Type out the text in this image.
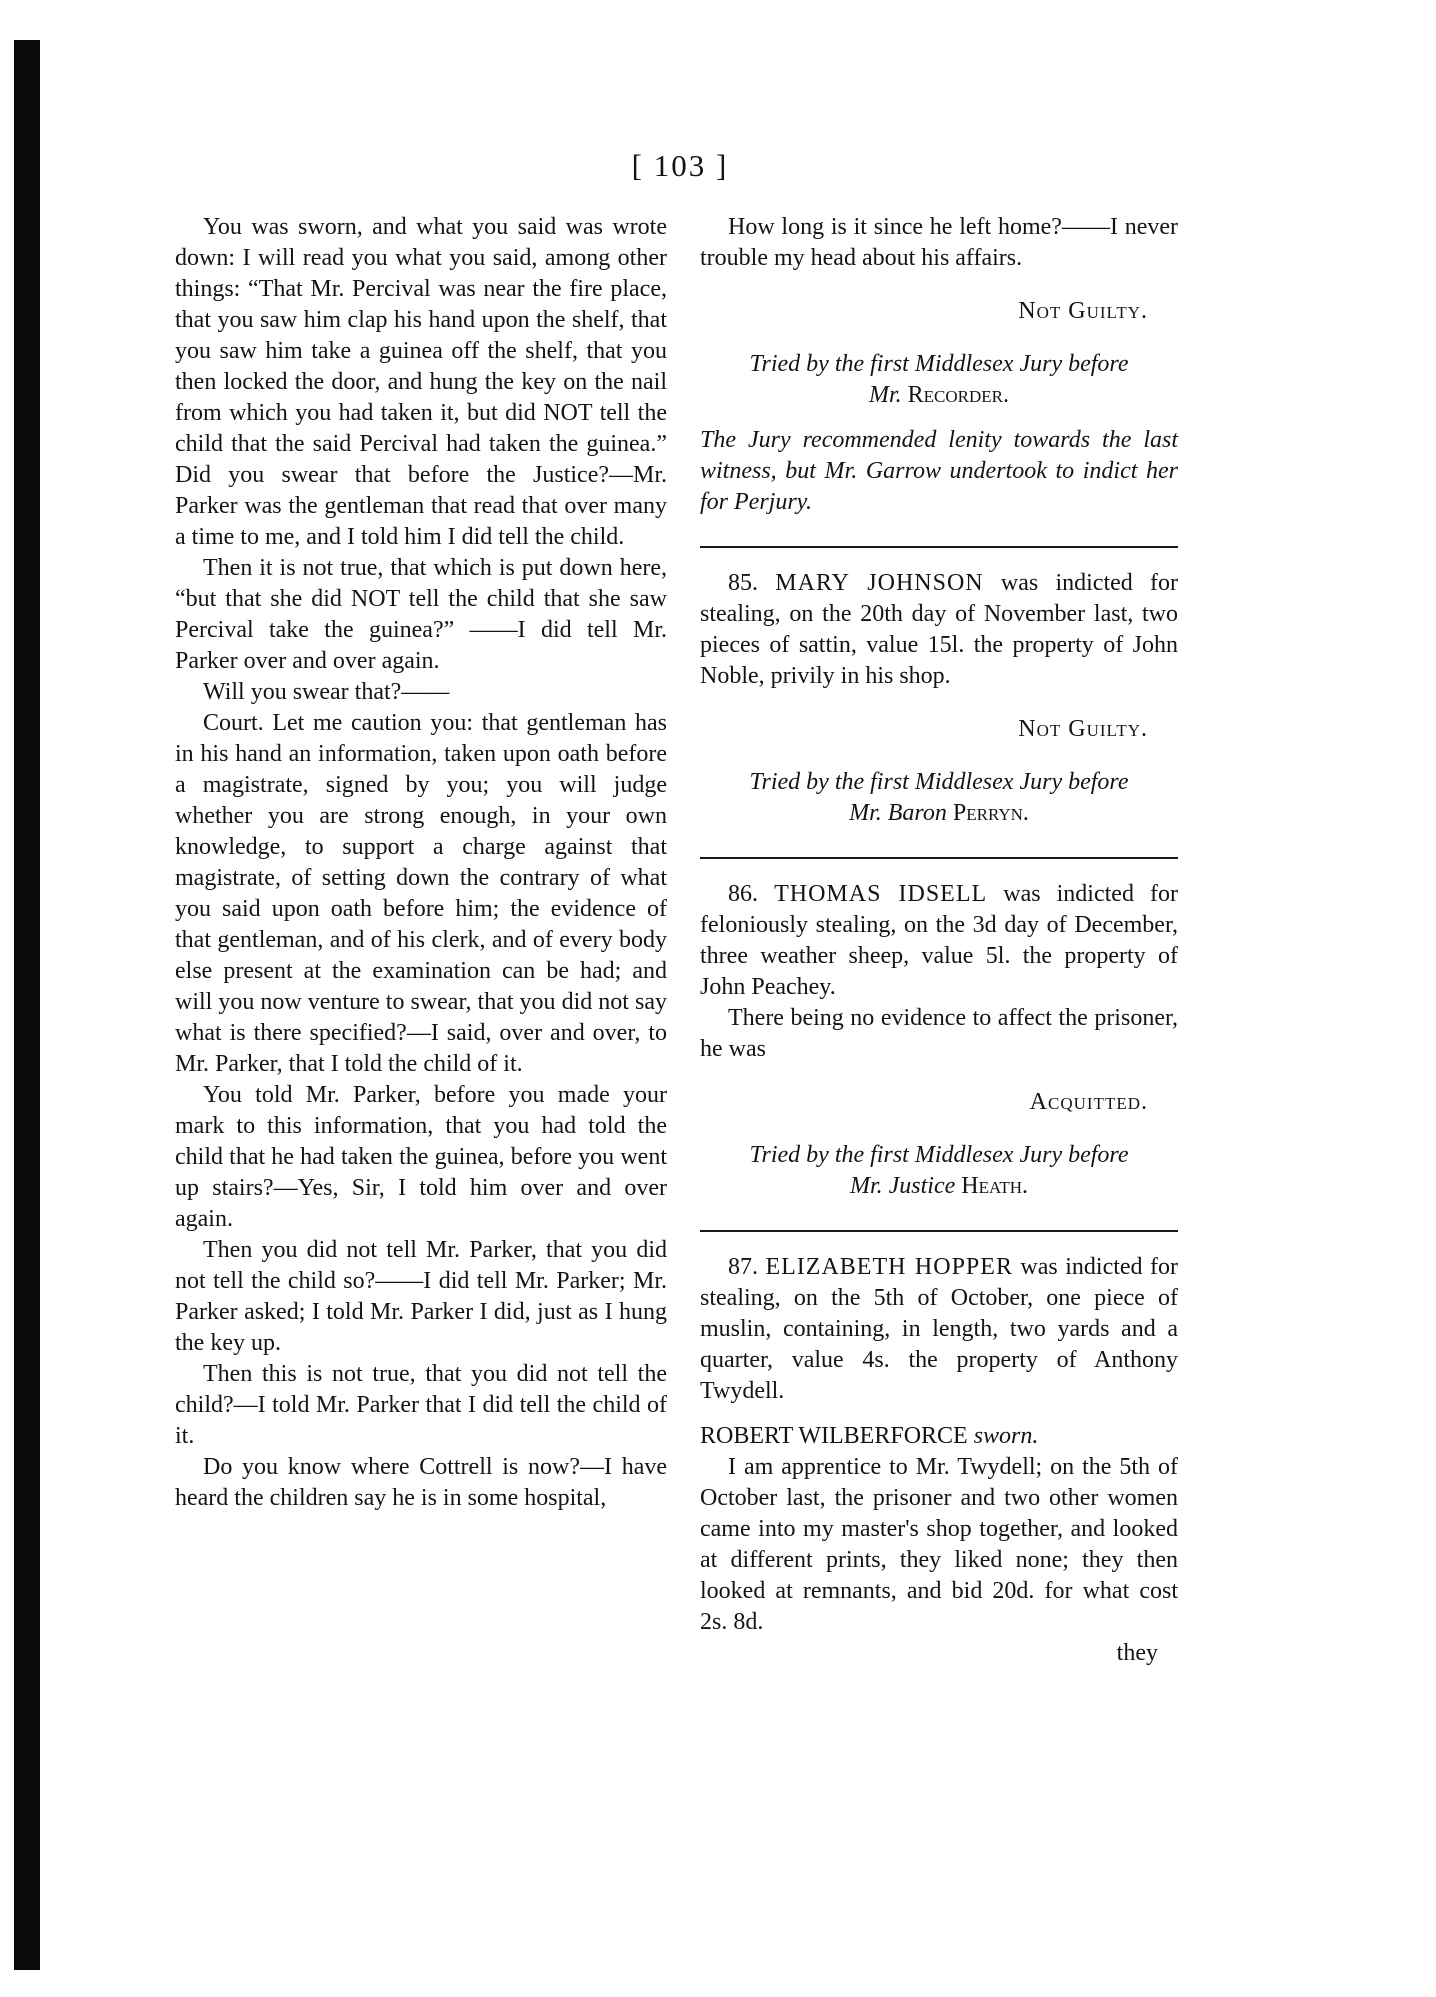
[ 103 ]

You was sworn, and what you said was wrote down: I will read you what you said, among other things: “That Mr. Percival was near the fire place, that you saw him clap his hand upon the shelf, that you saw him take a guinea off the shelf, that you then locked the door, and hung the key on the nail from which you had taken it, but did NOT tell the child that the said Percival had taken the guinea.” Did you swear that before the Justice?—Mr. Parker was the gentleman that read that over many a time to me, and I told him I did tell the child.

Then it is not true, that which is put down here, “but that she did NOT tell the child that she saw Percival take the guinea?” ——I did tell Mr. Parker over and over again.

Will you swear that?——

Court. Let me caution you: that gentleman has in his hand an information, taken upon oath before a magistrate, signed by you; you will judge whether you are strong enough, in your own knowledge, to support a charge against that magistrate, of setting down the contrary of what you said upon oath before him; the evidence of that gentleman, and of his clerk, and of every body else present at the examination can be had; and will you now venture to swear, that you did not say what is there specified?—I said, over and over, to Mr. Parker, that I told the child of it.

You told Mr. Parker, before you made your mark to this information, that you had told the child that he had taken the guinea, before you went up stairs?—Yes, Sir, I told him over and over again.

Then you did not tell Mr. Parker, that you did not tell the child so?——I did tell Mr. Parker; Mr. Parker asked; I told Mr. Parker I did, just as I hung the key up.

Then this is not true, that you did not tell the child?—I told Mr. Parker that I did tell the child of it.

Do you know where Cottrell is now?—I have heard the children say he is in some hospital,

How long is it since he left home?——I never trouble my head about his affairs.

Not Guilty.

Tried by the first Middlesex Jury before
Mr. Recorder.

The Jury recommended lenity towards the last witness, but Mr. Garrow undertook to indict her for Perjury.

85. MARY JOHNSON was indicted for stealing, on the 20th day of November last, two pieces of sattin, value 15l. the property of John Noble, privily in his shop.

Not Guilty.

Tried by the first Middlesex Jury before
Mr. Baron Perryn.

86. THOMAS IDSELL was indicted for feloniously stealing, on the 3d day of December, three weather sheep, value 5l. the property of John Peachey.

There being no evidence to affect the prisoner, he was

Acquitted.

Tried by the first Middlesex Jury before
Mr. Justice Heath.

87. ELIZABETH HOPPER was indicted for stealing, on the 5th of October, one piece of muslin, containing, in length, two yards and a quarter, value 4s. the property of Anthony Twydell.

ROBERT WILBERFORCE sworn.

I am apprentice to Mr. Twydell; on the 5th of October last, the prisoner and two other women came into my master's shop together, and looked at different prints, they liked none; they then looked at remnants, and bid 20d. for what cost 2s. 8d.

they
